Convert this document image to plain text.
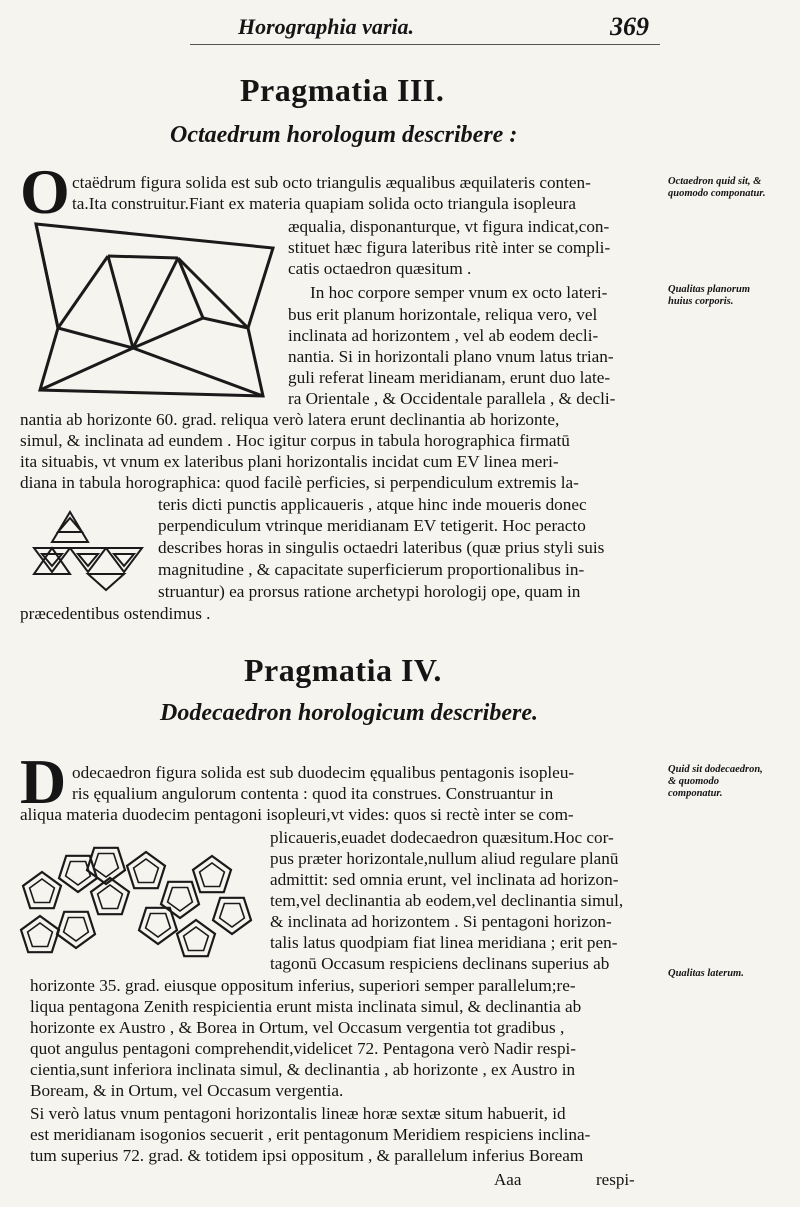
Horographia varia.	369
Pragmatia III.
Octaedrum horologum describere :
O ctaëdrum figura solida est sub octo triangulis æqualibus æquilateris conten-
ta.Ita construitur.Fiant ex materia quapiam solida octo triangula isopleura
æqualia, disponanturque, vt figura indicat,con-
stituet hæc figura lateribus ritè inter se compli-
catis octaedron quæsitum .
In hoc corpore semper vnum ex octo lateri-
bus erit planum horizontale, reliqua vero, vel
inclinata ad horizontem , vel ab eodem decli-
nantia. Si in horizontali plano vnum latus trian-
guli referat lineam meridianam, erunt duo late-
ra Orientale , & Occidentale parallela , & decli-
nantia ab horizonte 60. grad. reliqua verò latera erunt declinantia ab horizonte,
simul, & inclinata ad eundem . Hoc igitur corpus in tabula horographica firmatū
ita situabis, vt vnum ex lateribus plani horizontalis incidat cum EV linea meri-
diana in tabula horographica: quod facilè perficies, si perpendiculum extremis la-
teris dicti punctis applicaueris , atque hinc inde moueris donec
perpendiculum vtrinque meridianam EV tetigerit. Hoc peracto
describes horas in singulis octaedri lateribus (quæ prius styli suis
magnitudine , & capacitate superficierum proportionalibus in-
struantur) ea prorsus ratione archetypi horologij ope, quam in
præcedentibus ostendimus .
Octaedron quid sit, & quomodo componatur.
Qualitas planorum huius corporis.
Pragmatia IV.
Dodecaedron horologicum describere.
D odecaedron figura solida est sub duodecim ęqualibus pentagonis isopleu-
ris ęqualium angulorum contenta : quod ita construes. Construantur in
aliqua materia duodecim pentagoni isopleuri,vt vides: quos si rectè inter se com-
plicaueris,euadet dodecaedron quæsitum.Hoc cor-
pus præter horizontale,nullum aliud regulare planū
admittit: sed omnia erunt, vel inclinata ad horizon-
tem,vel declinantia ab eodem,vel declinantia simul,
& inclinata ad horizontem . Si pentagoni horizon-
talis latus quodpiam fiat linea meridiana ; erit pen-
tagonū Occasum respiciens declinans superius ab
horizonte 35. grad. eiusque oppositum inferius, superiori semper parallelum;re-
liqua pentagona Zenith respicientia erunt mista inclinata simul, & declinantia ab
horizonte ex Austro , & Borea in Ortum, vel Occasum vergentia tot gradibus ,
quot angulus pentagoni comprehendit,videlicet 72. Pentagona verò Nadir respi-
cientia,sunt inferiora inclinata simul, & declinantia , ab horizonte , ex Austro in
Boream, & in Ortum, vel Occasum vergentia.
Si verò latus vnum pentagoni horizontalis lineæ horæ sextæ situm habuerit, id
est meridianam isogonios secuerit , erit pentagonum Meridiem respiciens inclina-
tum superius 72. grad. & totidem ipsi oppositum , & parallelum inferius Boream
Quid sit dodecaedron, & quomodo componatur.
Qualitas laterum.
Aaa	respi-
